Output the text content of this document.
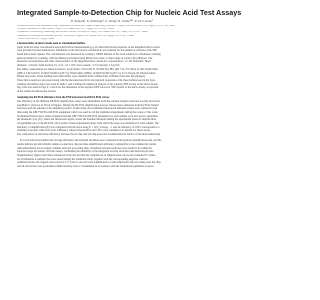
Integrated Sample-to-Detection Chip for Nucleic Acid Test Assays
R. Prakash¹, K. Pabbaraju², S. Wong², R. Tellier³⁴⁵, K.V.I.S. Kaler¹
¹Biosystems Research and Applications Group, Department of Electrical and Computer Engineering, University of Calgary, 2500 University Dr NW, Calgary, AB T2N 1N4, Canada
²Provincial Laboratory for Public Health of Alberta, 3030 Hospital Drive NW, Calgary, AB T2N 4W4, Canada
³Department of Microbiology, Immunology and Infectious Diseases, University of Calgary, 3330 Hospital Drive NW, Calgary, AB T2N 4N1, Canada
⁴Department of Pathology and Laboratory Medicine, University of Calgary, 3330 Hospital Drive NW, Calgary, AB T2N 4N1, Canada
⁵Alberta Health Services, Calgary, Canada
Characteristics of micro-beads used as translational buffers
Apart from the mass concentration and solid fraction measurements (p), all other microbead properties of the magnified micro-beads
were provided by the manufacturer. Estimation of the microbead concentration was required for the numerical analysis of the SEP
based micro-bead capture. The concentration was measured by loading a 1000X dilution of the stock solution in a Neubauer counting
hemocytometer for counting, with the dilution performed using RNase free water, to deter range of actual Ct(b) dilutions. The
measured concentrations and other characteristics of the magnified micro-beads are: concentration: ~2×10⁸ beads/mL; Bead
diameter: ~2.8 µm; Solid fraction (%, w/v): 1.0 ± 10%; Iron content: ~12%; Density: 1.6 g/cm³.
The buffer compositions are listed as follows: Lysis buffer: 4 M GuSCN, 50 mM Tris-HCl (pH 7.5), 2% Triton X-100; Wash buffer
(WB1): 2 M GuSCN, 10 mM Tris-HCl (pH 7.5); Wash buffer (WB2): 10 mM Tris-HCl (pH 7.5), 0.1% Tween-20; Elution buffer:
RNase free water. These binding and wash buffers were obtained from commercially available extraction kits (Qiagen).
These micro-beads are processed along with the measured electrical and physical properties of the three buffers used in the lysis,
washing and elution steps were used in Table 1 and 2 during the numerical analysis of the capture (SEP forces) on the micro-beads.
Key were also used in Figs 4, 5 and 6 for the simulation of the negative DEP forces for SEP capture of the micro-beads, as reported
in the results and discussion section.
Analyzing the RT-PCR efficiency from the PNP extracted viral RNA PCR curves
The efficiency of the different RT-PCR amplification assays were determined from the relevant samples extracted on-chip and on the
easyMAG® extractor in Vivo4 at Figures. During the RT-PCR amplification process, fluorescence emissions from the PCR channel
increases with the amount of the amplified product. In this study, the normalized fluorescent emission values were captured in real
time using the ABI 7500 Fast RT-PCR equipment which was used for all the validation experiments during the course of this work.
Normalized fluorescence values obtained from the ABI 7500 Fast RT-PCR instrument for each sample were first used to determine
the threshold cycle (Ct), where the fluorescent signal crosses the baseline threshold during the exponential phase of amplification.
A logarithmic plot of the RT-PCR curve yields a linear exponential phase, from which the slope was estimated for each sample. The
efficiency of amplification (E) was computed from the slope using E = 10^(-1/slope) - 1, and an efficiency of 100% corresponds to a
doubling of product with each cycle. Efficiency values between 90% and 110% were considered acceptable for these assays.
The comparison of extraction efficiency between the on-chip and off-chip protocols is summarized in Table 3 of the main manuscript.
For each extraction method the average efficiency and standard deviation were computed from replicate amplification runs, and the
results indicate the microfluidic sample-to-detection chip provides amplification efficiency comparable to the commercial system
with substantially lower reagent volumes and total processing time. Variations between replicates were found to be within the
expected range for nucleic acid test assays, confirming the reliability of the integrated on-chip extraction and detection process.
Supplementary figures and tables referenced in the text provide the complete set of amplification curves and computed Ct values
for all influenza A samples that were tested during the validation study, together with the corresponding negative controls.
Additional notes: all reagents were stored at 4 °C prior to use and were equilibrated to room temperature before loading onto the chip,
and all extractions were performed within biosafety level 2 containment in accordance with the institutional guidelines in place.
